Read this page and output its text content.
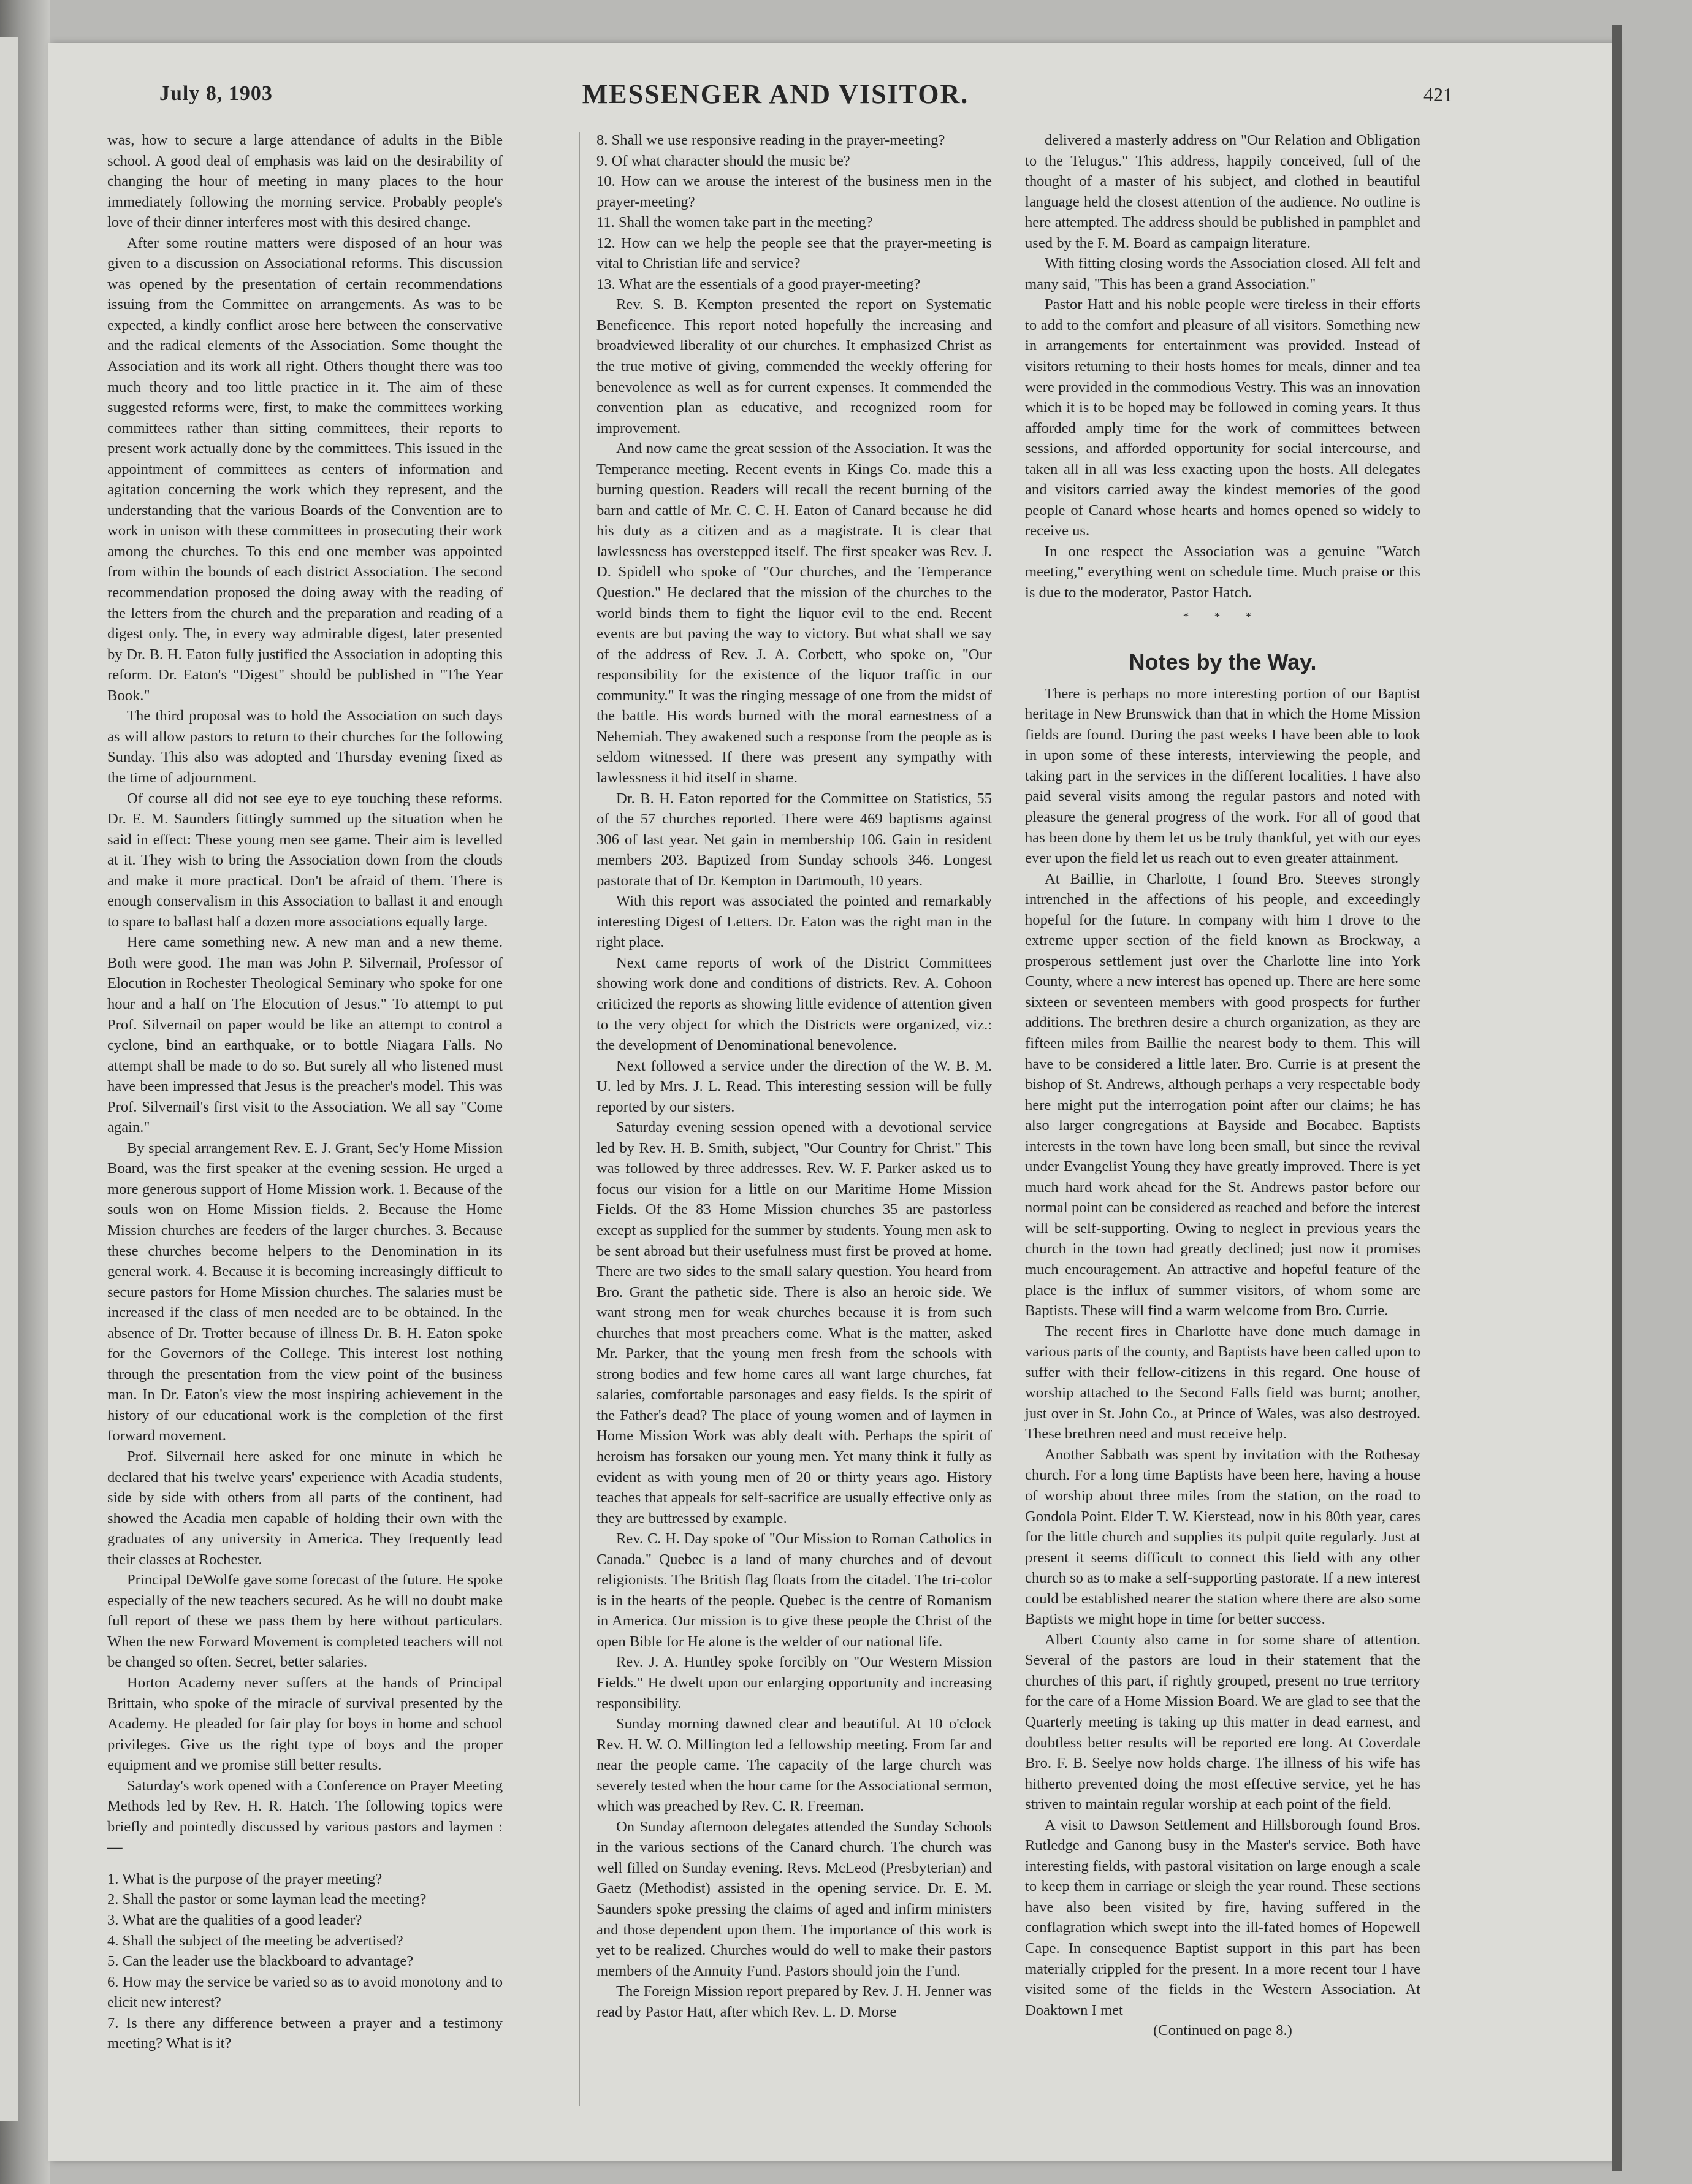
July 8, 1903	MESSENGER AND VISITOR.	421

was, how to secure a large attendance of adults in the Bible school. A good deal of emphasis was laid on the desirability of changing the hour of meeting in many places to the hour immediately following the morning service. Probably people's love of their dinner interferes most with this desired change.

After some routine matters were disposed of an hour was given to a discussion on Associational reforms. This discussion was opened by the presentation of certain recommendations issuing from the Committee on arrangements. As was to be expected, a kindly conflict arose here between the conservative and the radical elements of the Association. Some thought the Association and its work all right. Others thought there was too much theory and too little practice in it. The aim of these suggested reforms were, first, to make the committees working committees rather than sitting committees, their reports to present work actually done by the committees. This issued in the appointment of committees as centers of information and agitation concerning the work which they represent, and the understanding that the various Boards of the Convention are to work in unison with these committees in prosecuting their work among the churches. To this end one member was appointed from within the bounds of each district Association. The second recommendation proposed the doing away with the reading of the letters from the church and the preparation and reading of a digest only. The, in every way admirable digest, later presented by Dr. B. H. Eaton fully justified the Association in adopting this reform. Dr. Eaton's "Digest" should be published in "The Year Book."

The third proposal was to hold the Association on such days as will allow pastors to return to their churches for the following Sunday. This also was adopted and Thursday evening fixed as the time of adjournment.

Of course all did not see eye to eye touching these reforms. Dr. E. M. Saunders fittingly summed up the situation when he said in effect: These young men see game. Their aim is levelled at it. They wish to bring the Association down from the clouds and make it more practical. Don't be afraid of them. There is enough conservalism in this Association to ballast it and enough to spare to ballast half a dozen more associations equally large.

Here came something new. A new man and a new theme. Both were good. The man was John P. Silvernail, Professor of Elocution in Rochester Theological Seminary who spoke for one hour and a half on The Elocution of Jesus." To attempt to put Prof. Silvernail on paper would be like an attempt to control a cyclone, bind an earthquake, or to bottle Niagara Falls. No attempt shall be made to do so. But surely all who listened must have been impressed that Jesus is the preacher's model. This was Prof. Silvernail's first visit to the Association. We all say "Come again."

By special arrangement Rev. E. J. Grant, Sec'y Home Mission Board, was the first speaker at the evening session. He urged a more generous support of Home Mission work. 1. Because of the souls won on Home Mission fields. 2. Because the Home Mission churches are feeders of the larger churches. 3. Because these churches become helpers to the Denomination in its general work. 4. Because it is becoming increasingly difficult to secure pastors for Home Mission churches. The salaries must be increased if the class of men needed are to be obtained. In the absence of Dr. Trotter because of illness Dr. B. H. Eaton spoke for the Governors of the College. This interest lost nothing through the presentation from the view point of the business man. In Dr. Eaton's view the most inspiring achievement in the history of our educational work is the completion of the first forward movement.

Prof. Silvernail here asked for one minute in which he declared that his twelve years' experience with Acadia students, side by side with others from all parts of the continent, had showed the Acadia men capable of holding their own with the graduates of any university in America. They frequently lead their classes at Rochester.

Principal DeWolfe gave some forecast of the future. He spoke especially of the new teachers secured. As he will no doubt make full report of these we pass them by here without particulars. When the new Forward Movement is completed teachers will not be changed so often. Secret, better salaries.

Horton Academy never suffers at the hands of Principal Brittain, who spoke of the miracle of survival presented by the Academy. He pleaded for fair play for boys in home and school privileges. Give us the right type of boys and the proper equipment and we promise still better results.

Saturday's work opened with a Conference on Prayer Meeting Methods led by Rev. H. R. Hatch. The following topics were briefly and pointedly discussed by various pastors and laymen :—

1. What is the purpose of the prayer meeting?

2. Shall the pastor or some layman lead the meeting?

3. What are the qualities of a good leader?

4. Shall the subject of the meeting be advertised?

5. Can the leader use the blackboard to advantage?

6. How may the service be varied so as to avoid monotony and to elicit new interest?

7. Is there any difference between a prayer and a testimony meeting? What is it?

8. Shall we use responsive reading in the prayer-meeting?

9. Of what character should the music be?

10. How can we arouse the interest of the business men in the prayer-meeting?

11. Shall the women take part in the meeting?

12. How can we help the people see that the prayer-meeting is vital to Christian life and service?

13. What are the essentials of a good prayer-meeting?

Rev. S. B. Kempton presented the report on Systematic Beneficence. This report noted hopefully the increasing and broadviewed liberality of our churches. It emphasized Christ as the true motive of giving, commended the weekly offering for benevolence as well as for current expenses. It commended the convention plan as educative, and recognized room for improvement.

And now came the great session of the Association. It was the Temperance meeting. Recent events in Kings Co. made this a burning question. Readers will recall the recent burning of the barn and cattle of Mr. C. C. H. Eaton of Canard because he did his duty as a citizen and as a magistrate. It is clear that lawlessness has overstepped itself. The first speaker was Rev. J. D. Spidell who spoke of "Our churches, and the Temperance Question." He declared that the mission of the churches to the world binds them to fight the liquor evil to the end. Recent events are but paving the way to victory. But what shall we say of the address of Rev. J. A. Corbett, who spoke on, "Our responsibility for the existence of the liquor traffic in our community." It was the ringing message of one from the midst of the battle. His words burned with the moral earnestness of a Nehemiah. They awakened such a response from the people as is seldom witnessed. If there was present any sympathy with lawlessness it hid itself in shame.

Dr. B. H. Eaton reported for the Committee on Statistics, 55 of the 57 churches reported. There were 469 baptisms against 306 of last year. Net gain in membership 106. Gain in resident members 203. Baptized from Sunday schools 346. Longest pastorate that of Dr. Kempton in Dartmouth, 10 years.

With this report was associated the pointed and remarkably interesting Digest of Letters. Dr. Eaton was the right man in the right place.

Next came reports of work of the District Committees showing work done and conditions of districts. Rev. A. Cohoon criticized the reports as showing little evidence of attention given to the very object for which the Districts were organized, viz.: the development of Denominational benevolence.

Next followed a service under the direction of the W. B. M. U. led by Mrs. J. L. Read. This interesting session will be fully reported by our sisters.

Saturday evening session opened with a devotional service led by Rev. H. B. Smith, subject, "Our Country for Christ." This was followed by three addresses. Rev. W. F. Parker asked us to focus our vision for a little on our Maritime Home Mission Fields. Of the 83 Home Mission churches 35 are pastorless except as supplied for the summer by students. Young men ask to be sent abroad but their usefulness must first be proved at home. There are two sides to the small salary question. You heard from Bro. Grant the pathetic side. There is also an heroic side. We want strong men for weak churches because it is from such churches that most preachers come. What is the matter, asked Mr. Parker, that the young men fresh from the schools with strong bodies and few home cares all want large churches, fat salaries, comfortable parsonages and easy fields. Is the spirit of the Father's dead? The place of young women and of laymen in Home Mission Work was ably dealt with. Perhaps the spirit of heroism has forsaken our young men. Yet many think it fully as evident as with young men of 20 or thirty years ago. History teaches that appeals for self-sacrifice are usually effective only as they are buttressed by example.

Rev. C. H. Day spoke of "Our Mission to Roman Catholics in Canada." Quebec is a land of many churches and of devout religionists. The British flag floats from the citadel. The tri-color is in the hearts of the people. Quebec is the centre of Romanism in America. Our mission is to give these people the Christ of the open Bible for He alone is the welder of our national life.

Rev. J. A. Huntley spoke forcibly on "Our Western Mission Fields." He dwelt upon our enlarging opportunity and increasing responsibility.

Sunday morning dawned clear and beautiful. At 10 o'clock Rev. H. W. O. Millington led a fellowship meeting. From far and near the people came. The capacity of the large church was severely tested when the hour came for the Associational sermon, which was preached by Rev. C. R. Freeman.

On Sunday afternoon delegates attended the Sunday Schools in the various sections of the Canard church. The church was well filled on Sunday evening. Revs. McLeod (Presbyterian) and Gaetz (Methodist) assisted in the opening service. Dr. E. M. Saunders spoke pressing the claims of aged and infirm ministers and those dependent upon them. The importance of this work is yet to be realized. Churches would do well to make their pastors members of the Annuity Fund. Pastors should join the Fund.

The Foreign Mission report prepared by Rev. J. H. Jenner was read by Pastor Hatt, after which Rev. L. D. Morse

delivered a masterly address on "Our Relation and Obligation to the Telugus." This address, happily conceived, full of the thought of a master of his subject, and clothed in beautiful language held the closest attention of the audience. No outline is here attempted. The address should be published in pamphlet and used by the F. M. Board as campaign literature.

With fitting closing words the Association closed. All felt and many said, "This has been a grand Association."

Pastor Hatt and his noble people were tireless in their efforts to add to the comfort and pleasure of all visitors. Something new in arrangements for entertainment was provided. Instead of visitors returning to their hosts homes for meals, dinner and tea were provided in the commodious Vestry. This was an innovation which it is to be hoped may be followed in coming years. It thus afforded amply time for the work of committees between sessions, and afforded opportunity for social intercourse, and taken all in all was less exacting upon the hosts. All delegates and visitors carried away the kindest memories of the good people of Canard whose hearts and homes opened so widely to receive us.

In one respect the Association was a genuine "Watch meeting," everything went on schedule time. Much praise or this is due to the moderator, Pastor Hatch.

* * *
Notes by the Way.

There is perhaps no more interesting portion of our Baptist heritage in New Brunswick than that in which the Home Mission fields are found. During the past weeks I have been able to look in upon some of these interests, interviewing the people, and taking part in the services in the different localities. I have also paid several visits among the regular pastors and noted with pleasure the general progress of the work. For all of good that has been done by them let us be truly thankful, yet with our eyes ever upon the field let us reach out to even greater attainment.

At Baillie, in Charlotte, I found Bro. Steeves strongly intrenched in the affections of his people, and exceedingly hopeful for the future. In company with him I drove to the extreme upper section of the field known as Brockway, a prosperous settlement just over the Charlotte line into York County, where a new interest has opened up. There are here some sixteen or seventeen members with good prospects for further additions. The brethren desire a church organization, as they are fifteen miles from Baillie the nearest body to them. This will have to be considered a little later. Bro. Currie is at present the bishop of St. Andrews, although perhaps a very respectable body here might put the interrogation point after our claims; he has also larger congregations at Bayside and Bocabec. Baptists interests in the town have long been small, but since the revival under Evangelist Young they have greatly improved. There is yet much hard work ahead for the St. Andrews pastor before our normal point can be considered as reached and before the interest will be self-supporting. Owing to neglect in previous years the church in the town had greatly declined; just now it promises much encouragement. An attractive and hopeful feature of the place is the influx of summer visitors, of whom some are Baptists. These will find a warm welcome from Bro. Currie.

The recent fires in Charlotte have done much damage in various parts of the county, and Baptists have been called upon to suffer with their fellow-citizens in this regard. One house of worship attached to the Second Falls field was burnt; another, just over in St. John Co., at Prince of Wales, was also destroyed. These brethren need and must receive help.

Another Sabbath was spent by invitation with the Rothesay church. For a long time Baptists have been here, having a house of worship about three miles from the station, on the road to Gondola Point. Elder T. W. Kierstead, now in his 80th year, cares for the little church and supplies its pulpit quite regularly. Just at present it seems difficult to connect this field with any other church so as to make a self-supporting pastorate. If a new interest could be established nearer the station where there are also some Baptists we might hope in time for better success.

Albert County also came in for some share of attention. Several of the pastors are loud in their statement that the churches of this part, if rightly grouped, present no true territory for the care of a Home Mission Board. We are glad to see that the Quarterly meeting is taking up this matter in dead earnest, and doubtless better results will be reported ere long. At Coverdale Bro. F. B. Seelye now holds charge. The illness of his wife has hitherto prevented doing the most effective service, yet he has striven to maintain regular worship at each point of the field.

A visit to Dawson Settlement and Hillsborough found Bros. Rutledge and Ganong busy in the Master's service. Both have interesting fields, with pastoral visitation on large enough a scale to keep them in carriage or sleigh the year round. These sections have also been visited by fire, having suffered in the conflagration which swept into the ill-fated homes of Hopewell Cape. In consequence Baptist support in this part has been materially crippled for the present. In a more recent tour I have visited some of the fields in the Western Association. At Doaktown I met

(Continued on page 8.)
